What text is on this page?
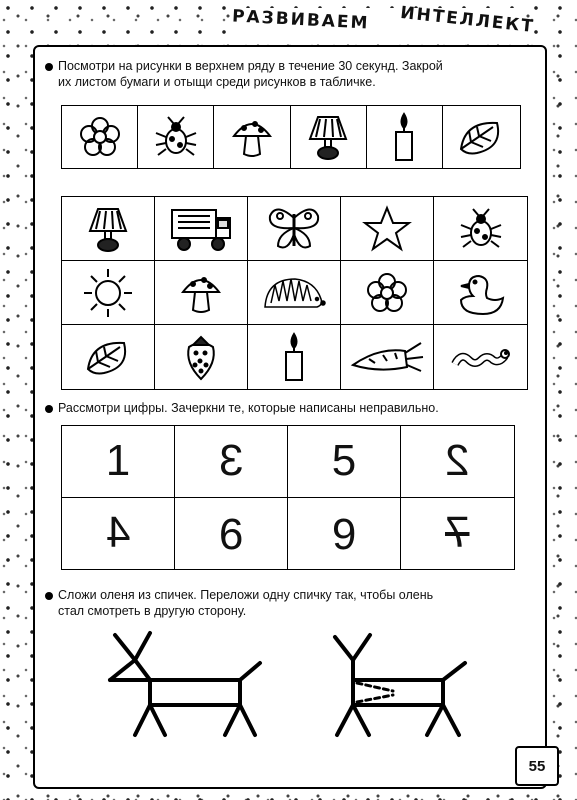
РАЗВИВАЕМ ИНТЕЛЛЕКТ
Посмотри на рисунки в верхнем ряду в течение 30 секунд. Закрой
их листом бумаги и отыщи среди рисунков в табличке.
Рассмотри цифры. Зачеркни те, которые написаны неправильно.
1 3 5 2
4 9 6 7
Сложи оленя из спичек. Переложи одну спичку так, чтобы олень
стал смотреть в другую сторону.
55
